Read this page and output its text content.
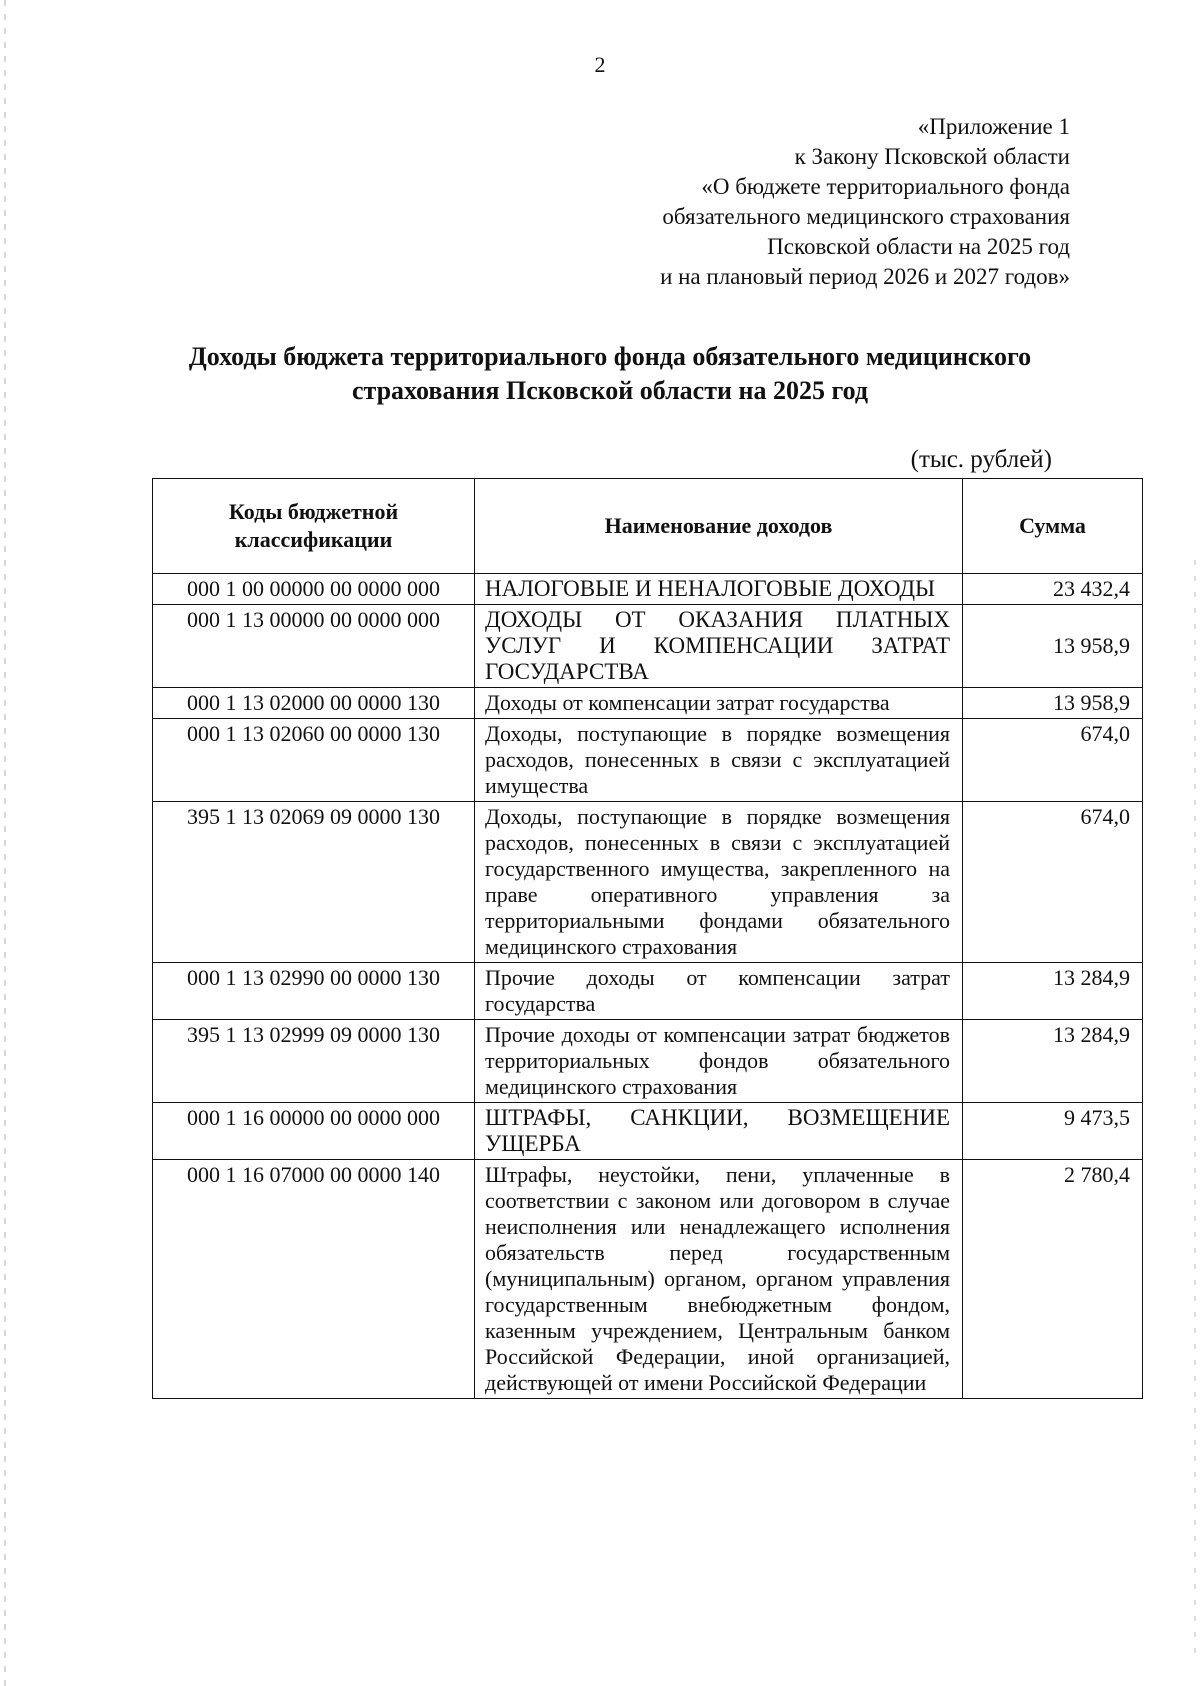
2
«Приложение 1
к Закону Псковской области
«О бюджете территориального фонда
обязательного медицинского страхования
Псковской области на 2025 год
и на плановый период 2026 и 2027 годов»
Доходы бюджета территориального фонда обязательного медицинского
страхования Псковской области на 2025 год
(тыс. рублей)
Коды бюджетной классификации	Наименование доходов	Сумма
000 1 00 00000 00 0000 000	НАЛОГОВЫЕ И НЕНАЛОГОВЫЕ ДОХОДЫ	23 432,4
000 1 13 00000 00 0000 000	ДОХОДЫ ОТ ОКАЗАНИЯ ПЛАТНЫХ УСЛУГ И КОМПЕНСАЦИИ ЗАТРАТ ГОСУДАРСТВА	13 958,9
000 1 13 02000 00 0000 130	Доходы от компенсации затрат государства	13 958,9
000 1 13 02060 00 0000 130	Доходы, поступающие в порядке возмещения расходов, понесенных в связи с эксплуатацией имущества	674,0
395 1 13 02069 09 0000 130	Доходы, поступающие в порядке возмещения расходов, понесенных в связи с эксплуатацией государственного имущества, закрепленного на праве оперативного управления за территориальными фондами обязательного медицинского страхования	674,0
000 1 13 02990 00 0000 130	Прочие доходы от компенсации затрат государства	13 284,9
395 1 13 02999 09 0000 130	Прочие доходы от компенсации затрат бюджетов территориальных фондов обязательного медицинского страхования	13 284,9
000 1 16 00000 00 0000 000	ШТРАФЫ, САНКЦИИ, ВОЗМЕЩЕНИЕ УЩЕРБА	9 473,5
000 1 16 07000 00 0000 140	Штрафы, неустойки, пени, уплаченные в соответствии с законом или договором в случае неисполнения или ненадлежащего исполнения обязательств перед государственным (муниципальным) органом, органом управления государственным внебюджетным фондом, казенным учреждением, Центральным банком Российской Федерации, иной организацией, действующей от имени Российской Федерации	2 780,4
